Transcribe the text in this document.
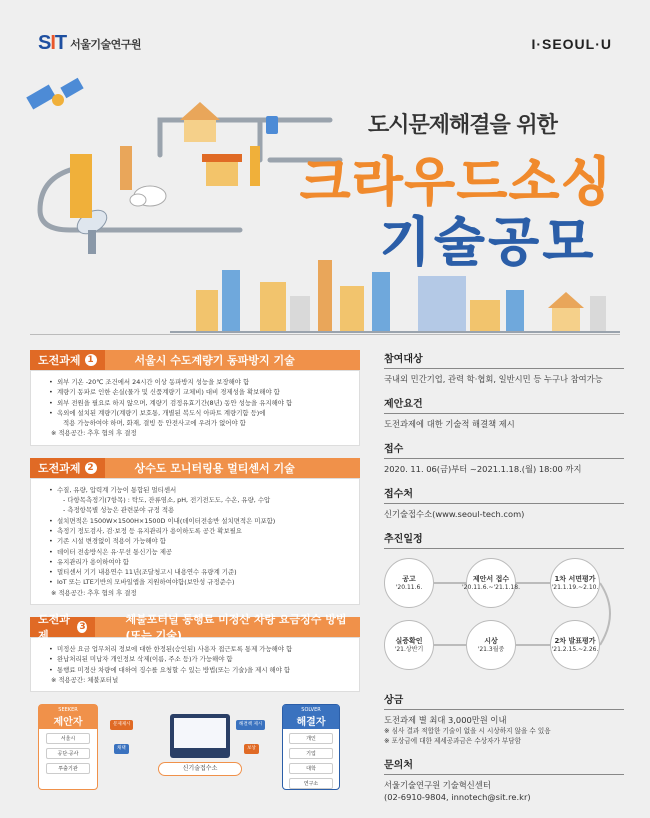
SIT 서울기술연구원	I·SEOUL·U
도시문제해결을 위한
크라우드소싱
기술공모
도전과제 1	서울시 수도계량기 동파방지 기술
• 외부 기온 -20℃ 조건에서 24시간 이상 동파방지 성능을 보장해야 함
• 계량기 동파로 인한 손실(물가 및 신품계량기 교체비) 대비 경제성을 확보해야 함
• 외부 전원을 필요로 하지 않으며, 계량기 검정유효기간(8년) 동안 성능을 유지해야 함
• 옥외에 설치된 계량기(계량기 보호통, 개별된 복도식 아파트 계량기함 등)에
적용 가능하여야 하며, 화재, 결빙 등 안전사고에 우려가 없어야 함
※ 적용공간: 추후 협의 후 결정
도전과제 2	상수도 모니터링용 멀티센서 기술
• 수질, 유량, 압력계 기능이 통합된 멀티센서
- 다항목측정기(7항목) : 탁도, 잔류염소, pH, 전기전도도, 수온, 유량, 수압
- 측정항목별 성능은 관련분야 규정 적용
• 설치면적은 1500W×1500H×1500D 이내(데이터전송반 설치면적은 미포함)
• 측정기 정도검사, 검·보정 등 유지관리가 용이하도록 공간 확보필요
• 기존 시설 변경없이 적용이 가능해야 함
• 데이터 전송방식은 유·무선 통신기능 제공
• 유지관리가 용이하여야 함
• 멀티센서 기기 내용연수 11년(조달청고시 내용연수 유량계 기준)
• IoT 또는 LTE기반의 모바일앱을 지원하여야함(보안성 규정준수)
※ 적용공간: 추후 협의 후 결정
도전과제
3
체불포터널 통행료 미정산 차량 요금징수 방법(또는 기술)
• 미정산 요금 업무처리 정보에 대한 한정된(승인된) 사용자 접근토록 통제 가능해야 함
• 완납처리된 미납자 개인정보 삭제(이름, 주소 등)가 가능해야 함
• 통행료 미정산 차량에 대하여 징수를 요청할 수 있는 방법(또는 기술)을 제시 해야 함
※ 적용공간: 체불포터널
SEEKER
제안자
서울시
공단·공사
투출기관
문제제시
채택
신기술접수소
해결책 제시
보상
SOLVER
해결자
개인
기업
대학
연구소
참여대상
국내외 민간기업, 관력 학·협회, 일반시민 등 누구나 참여가능
제안요건
도전과제에 대한 기술적 해결책 제시
접수
2020. 11. 06(금)부터 ~2021.1.18.(월) 18:00 까지
접수처
신기술접수소(www.seoul-tech.com)
추진일정
공고
'20.11.6.
제안서 접수
'20.11.6.~'21.1.18.
1차 서면평가
'21.1.19.~2.10.
2차 발표평가
'21.2.15.~2.26.
시상
'21.3월중
실증확인
'21.상반기
상금
도전과제 별 최대 3,000만원 이내
※ 심사 결과 적합한 기술이 없을 시 시상하지 않을 수 있음
※ 포상금에 대한 제세공과금은 수상자가 부담함
문의처
서울기술연구원 기술혁신센터
(02-6910-9804, innotech@sit.re.kr)
